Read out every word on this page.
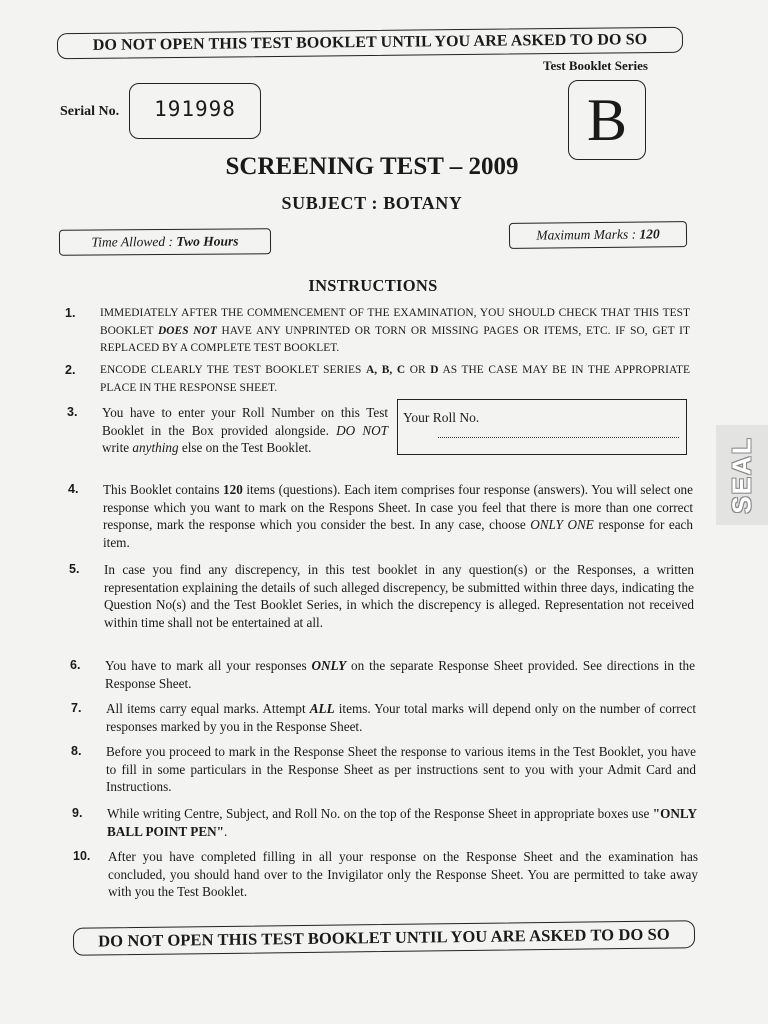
DO NOT OPEN THIS TEST BOOKLET UNTIL YOU ARE ASKED TO DO SO
Test Booklet Series
B
Serial No.	191998
SCREENING TEST – 2009
SUBJECT : BOTANY
Time Allowed : Two Hours	Maximum Marks : 120
INSTRUCTIONS
1. IMMEDIATELY AFTER THE COMMENCEMENT OF THE EXAMINATION, YOU SHOULD CHECK THAT THIS TEST BOOKLET DOES NOT HAVE ANY UNPRINTED OR TORN OR MISSING PAGES OR ITEMS, ETC. IF SO, GET IT REPLACED BY A COMPLETE TEST BOOKLET.
2. ENCODE CLEARLY THE TEST BOOKLET SERIES A, B, C OR D AS THE CASE MAY BE IN THE APPROPRIATE PLACE IN THE RESPONSE SHEET.
3. You have to enter your Roll Number on this Test Booklet in the Box provided alongside. DO NOT write anything else on the Test Booklet.
Your Roll No.
4. This Booklet contains 120 items (questions). Each item comprises four response (answers). You will select one response which you want to mark on the Respons Sheet. In case you feel that there is more than one correct response, mark the response which you consider the best. In any case, choose ONLY ONE response for each item.
5. In case you find any discrepency, in this test booklet in any question(s) or the Responses, a written representation explaining the details of such alleged discrepency, be submitted within three days, indicating the Question No(s) and the Test Booklet Series, in which the discrepency is alleged. Representation not received within time shall not be entertained at all.
6. You have to mark all your responses ONLY on the separate Response Sheet provided. See directions in the Response Sheet.
7. All items carry equal marks. Attempt ALL items. Your total marks will depend only on the number of correct responses marked by you in the Response Sheet.
8. Before you proceed to mark in the Response Sheet the response to various items in the Test Booklet, you have to fill in some particulars in the Response Sheet as per instructions sent to you with your Admit Card and Instructions.
9. While writing Centre, Subject, and Roll No. on the top of the Response Sheet in appropriate boxes use "ONLY BALL POINT PEN".
10. After you have completed filling in all your response on the Response Sheet and the examination has concluded, you should hand over to the Invigilator only the Response Sheet. You are permitted to take away with you the Test Booklet.
DO NOT OPEN THIS TEST BOOKLET UNTIL YOU ARE ASKED TO DO SO
SEAL
